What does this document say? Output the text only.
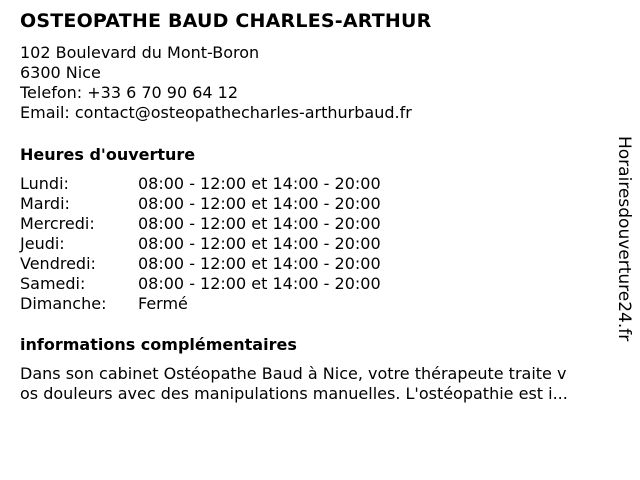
OSTEOPATHE BAUD CHARLES-ARTHUR
102 Boulevard du Mont-Boron
6300 Nice
Telefon: +33 6 70 90 64 12
Email: contact@osteopathecharles-arthurbaud.fr
Heures d'ouverture
Lundi:	08:00 - 12:00 et 14:00 - 20:00
Mardi:	08:00 - 12:00 et 14:00 - 20:00
Mercredi:	08:00 - 12:00 et 14:00 - 20:00
Jeudi:	08:00 - 12:00 et 14:00 - 20:00
Vendredi:	08:00 - 12:00 et 14:00 - 20:00
Samedi:	08:00 - 12:00 et 14:00 - 20:00
Dimanche: Fermé
informations complémentaires
Dans son cabinet Ostéopathe Baud à Nice, votre thérapeute traite v
os douleurs avec des manipulations manuelles. L'ostéopathie est i...
Horairesdouverture24.fr
